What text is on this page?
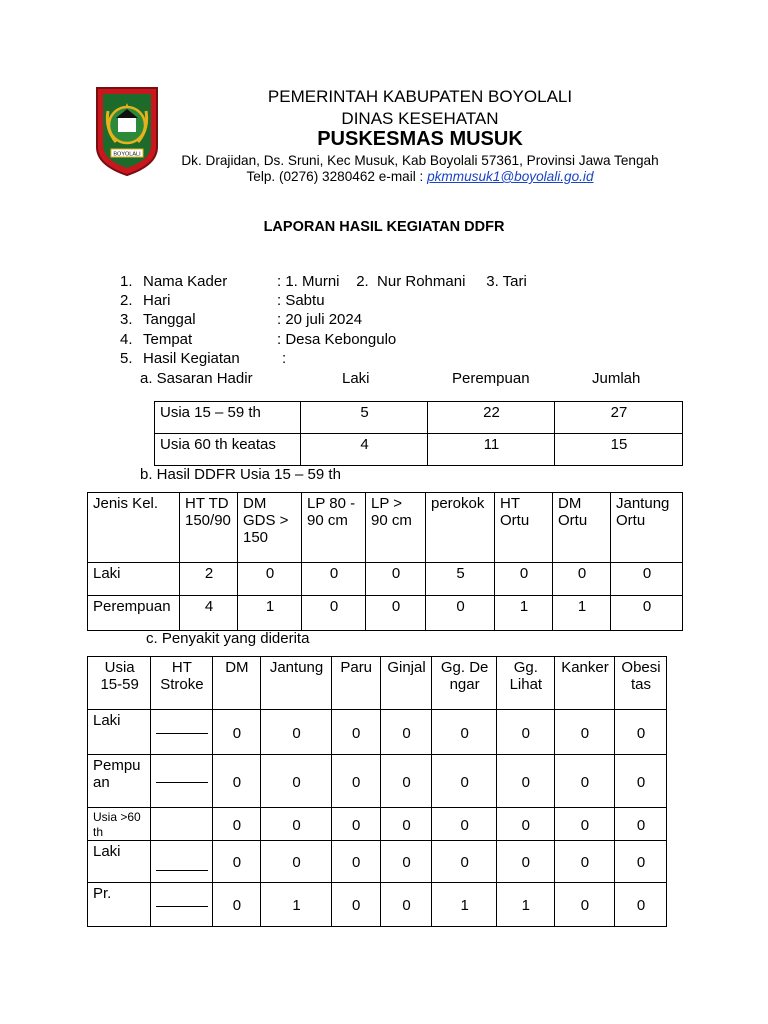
BOYOLALI
PEMERINTAH KABUPATEN BOYOLALI
DINAS KESEHATAN
PUSKESMAS MUSUK
Dk. Drajidan, Ds. Sruni, Kec Musuk, Kab Boyolali 57361, Provinsi Jawa Tengah
Telp. (0276) 3280462 e-mail : pkmmusuk1@boyolali.go.id
LAPORAN HASIL KEGIATAN DDFR
1. Nama Kader	: 1. Murni    2.  Nur Rohmani     3. Tari
2. Hari	: Sabtu
3. Tanggal	: 20 juli 2024
4. Tempat	: Desa Kebongulo
5. Hasil Kegiatan	:
a. Sasaran Hadir	Laki	Perempuan	Jumlah
Usia 15 – 59 th	5	22	27
Usia 60 th keatas	4	11	15
b. Hasil DDFR Usia 15 – 59 th
Jenis Kel.	HT TD 150/90	DM GDS > 150	LP 80 - 90 cm	LP > 90 cm	perokok	HT Ortu	DM Ortu	Jantung Ortu
Laki	2	0	0	0	5	0	0	0
Perempuan	4	1	0	0	0	1	1	0
c. Penyakit yang diderita
Usia 15-59	HT Stroke	DM	Jantung	Paru	Ginjal	Gg. Dengar	Gg. Lihat	Kanker	Obesitas
Laki		0	0	0	0	0	0	0	0
Pempuan		0	0	0	0	0	0	0	0
Usia >60 th		0	0	0	0	0	0	0	0
Laki		0	0	0	0	0	0	0	0
Pr.		0	1	0	0	1	1	0	0
